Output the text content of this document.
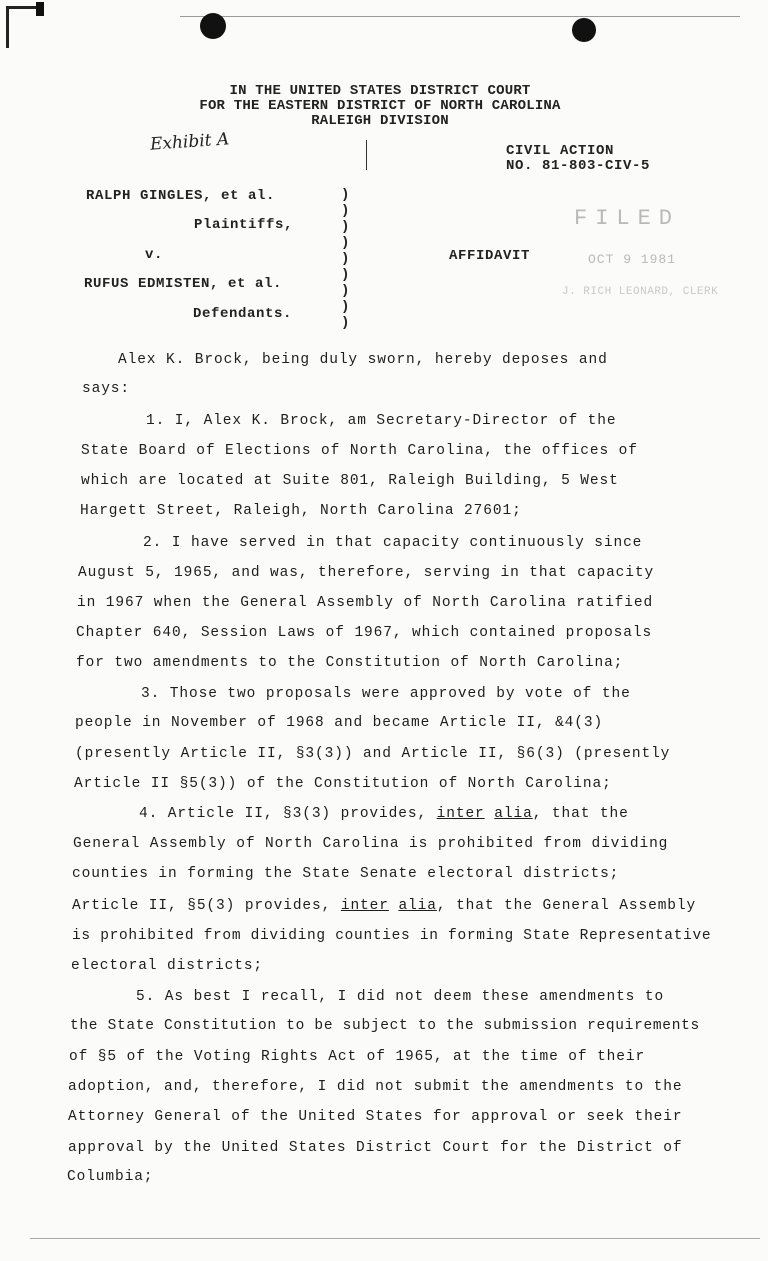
IN THE UNITED STATES DISTRICT COURT
FOR THE EASTERN DISTRICT OF NORTH CAROLINA
RALEIGH DIVISION
Exhibit A	CIVIL ACTION
NO. 81-803-CIV-5
RALPH GINGLES, et al.
Plaintiffs,
v.
RUFUS EDMISTEN, et al.
Defendants.
)
)
)
)
)
)
)
)
)
AFFIDAVIT
FILED
OCT 9 1981
J. RICH LEONARD, CLERK
Alex K. Brock, being duly sworn, hereby deposes and
says:
1. I, Alex K. Brock, am Secretary-Director of the
State Board of Elections of North Carolina, the offices of
which are located at Suite 801, Raleigh Building, 5 West
Hargett Street, Raleigh, North Carolina 27601;
2. I have served in that capacity continuously since
August 5, 1965, and was, therefore, serving in that capacity
in 1967 when the General Assembly of North Carolina ratified
Chapter 640, Session Laws of 1967, which contained proposals
for two amendments to the Constitution of North Carolina;
3. Those two proposals were approved by vote of the
people in November of 1968 and became Article II, &4(3)
(presently Article II, §3(3)) and Article II, §6(3) (presently
Article II §5(3)) of the Constitution of North Carolina;
4. Article II, §3(3) provides, inter alia, that the
General Assembly of North Carolina is prohibited from dividing
counties in forming the State Senate electoral districts;
Article II, §5(3) provides, inter alia, that the General Assembly
is prohibited from dividing counties in forming State Representative
electoral districts;
5. As best I recall, I did not deem these amendments to
the State Constitution to be subject to the submission requirements
of §5 of the Voting Rights Act of 1965, at the time of their
adoption, and, therefore, I did not submit the amendments to the
Attorney General of the United States for approval or seek their
approval by the United States District Court for the District of
Columbia;
